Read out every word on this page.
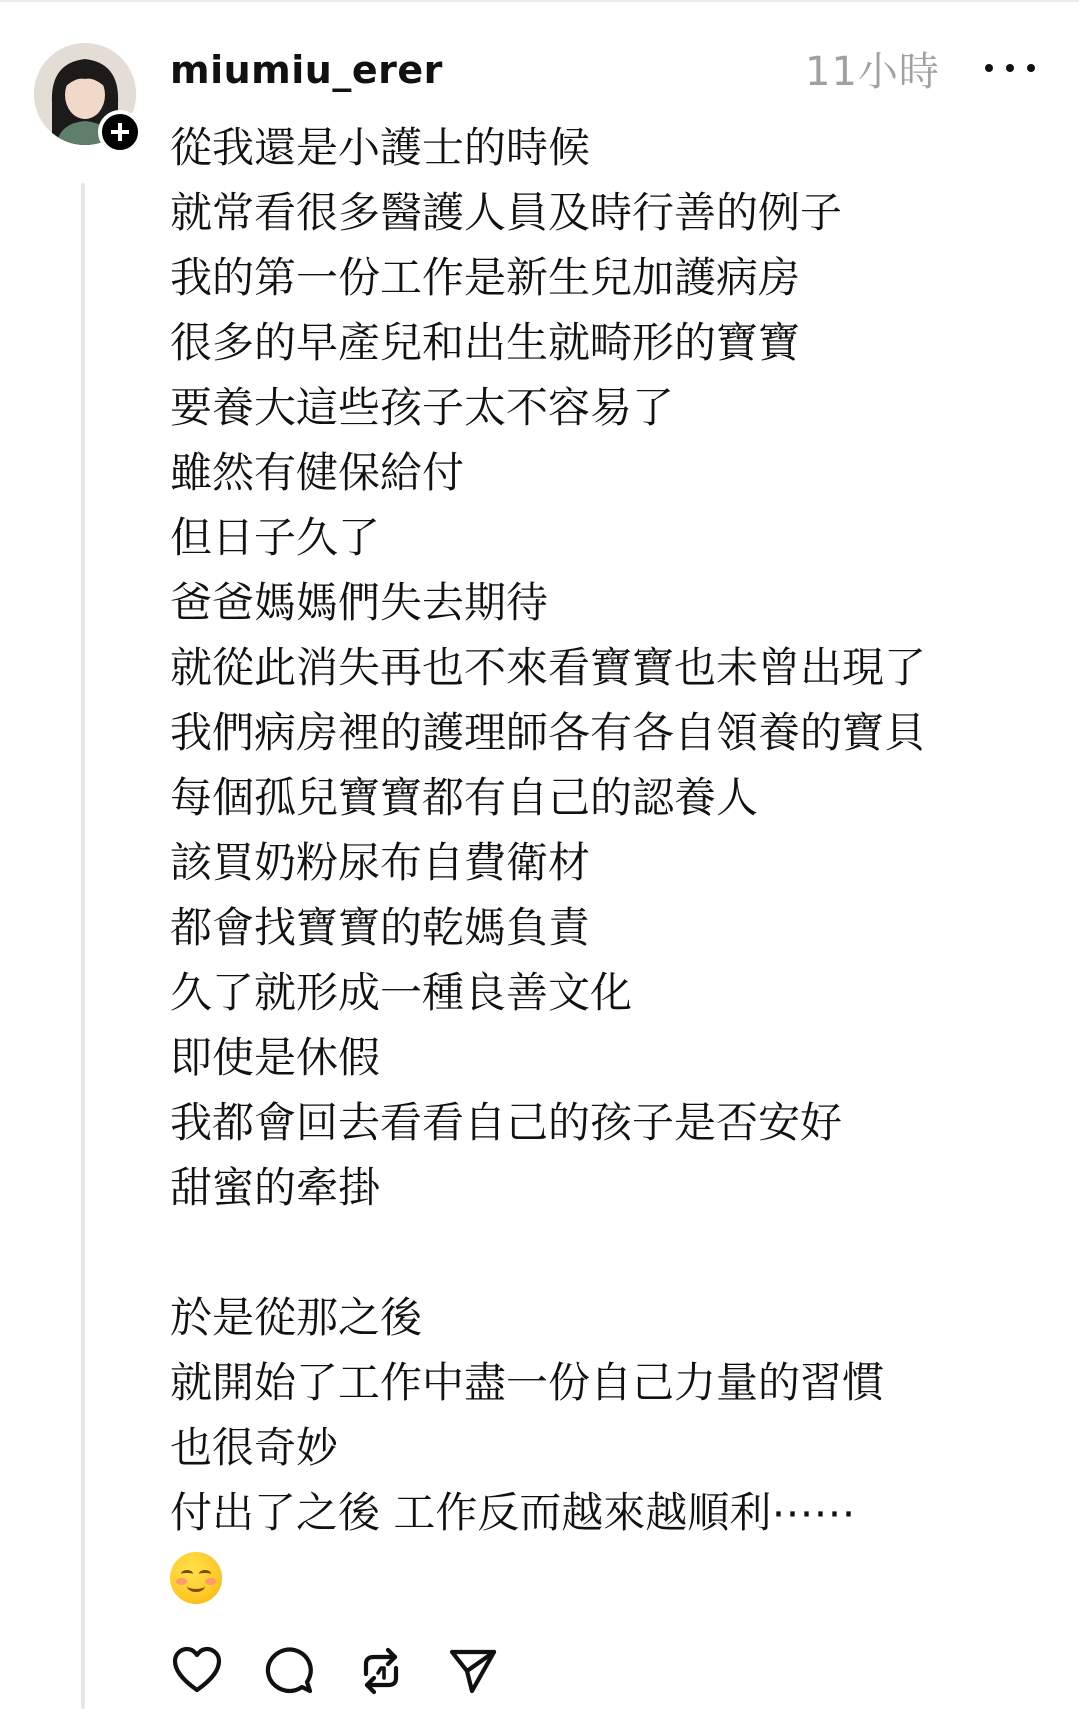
miumiu_erer	11小時
從我還是小護士的時候
就常看很多醫護人員及時行善的例子
我的第一份工作是新生兒加護病房
很多的早產兒和出生就畸形的寶寶
要養大這些孩子太不容易了
雖然有健保給付
但日子久了
爸爸媽媽們失去期待
就從此消失再也不來看寶寶也未曾出現了
我們病房裡的護理師各有各自領養的寶貝
每個孤兒寶寶都有自己的認養人
該買奶粉尿布自費衛材
都會找寶寶的乾媽負責
久了就形成一種良善文化
即使是休假
我都會回去看看自己的孩子是否安好
甜蜜的牽掛
於是從那之後
就開始了工作中盡一份自己力量的習慣
也很奇妙
付出了之後 工作反而越來越順利⋯⋯
